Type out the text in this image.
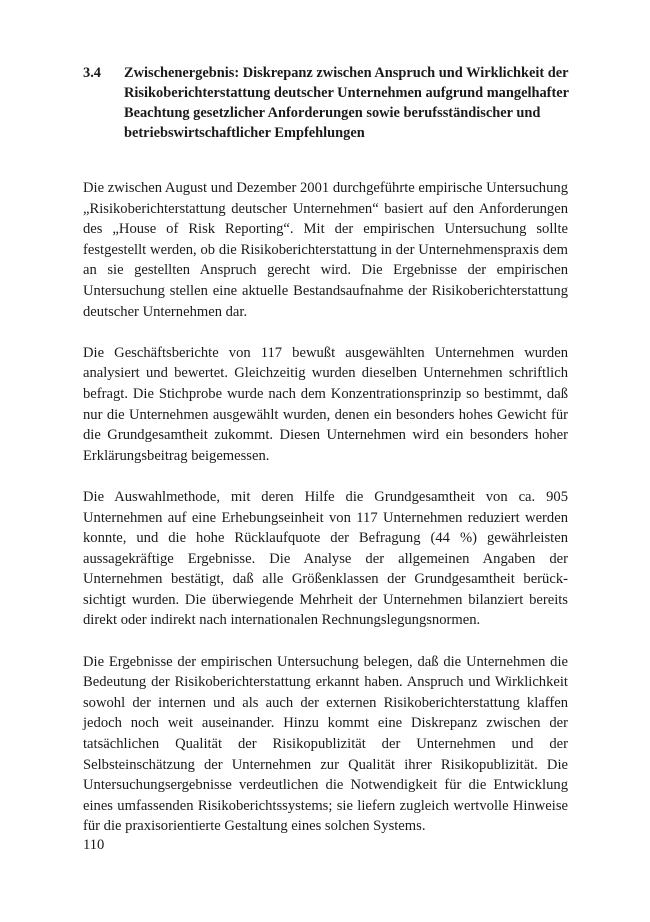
3.4 Zwischenergebnis: Diskrepanz zwischen Anspruch und Wirklichkeit der Risikoberichterstattung deutscher Unternehmen aufgrund mangelhafter Beachtung gesetzlicher Anforderungen sowie berufsständischer und betriebswirtschaftlicher Empfehlungen

Die zwischen August und Dezember 2001 durchgeführte empirische Untersuchung „Risikoberichterstattung deutscher Unternehmen“ basiert auf den Anforderungen des „House of Risk Reporting“. Mit der empirischen Untersuchung sollte festgestellt werden, ob die Risikoberichterstattung in der Unternehmenspraxis dem an sie gestellten Anspruch gerecht wird. Die Ergebnisse der empirischen Untersuchung stellen eine aktuelle Bestandsaufnahme der Risikoberichterstattung deutscher Unternehmen dar.

Die Geschäftsberichte von 117 bewußt ausgewählten Unternehmen wurden analysiert und bewertet. Gleichzeitig wurden dieselben Unternehmen schriftlich befragt. Die Stichprobe wurde nach dem Konzentrationsprinzip so bestimmt, daß nur die Unternehmen ausgewählt wurden, denen ein besonders hohes Gewicht für die Grundgesamtheit zukommt. Diesen Unternehmen wird ein besonders hoher Erklärungsbeitrag beigemessen.

Die Auswahlmethode, mit deren Hilfe die Grundgesamtheit von ca. 905 Unternehmen auf eine Erhebungseinheit von 117 Unternehmen reduziert werden konnte, und die hohe Rücklaufquote der Befragung (44 %) gewährleisten aussagekräftige Ergebnisse. Die Analyse der allgemeinen Angaben der Unternehmen bestätigt, daß alle Größenklassen der Grundgesamtheit berücksichtigt wurden. Die überwiegende Mehrheit der Unternehmen bilanziert bereits direkt oder indirekt nach internationalen Rechnungslegungsnormen.

Die Ergebnisse der empirischen Untersuchung belegen, daß die Unternehmen die Bedeutung der Risikoberichterstattung erkannt haben. Anspruch und Wirklichkeit sowohl der internen und als auch der externen Risikoberichterstattung klaffen jedoch noch weit auseinander. Hinzu kommt eine Diskrepanz zwischen der tatsächlichen Qualität der Risikopublizität der Unternehmen und der Selbsteinschätzung der Unternehmen zur Qualität ihrer Risikopublizität. Die Untersuchungsergebnisse verdeutlichen die Notwendigkeit für die Entwicklung eines umfassenden Risikoberichtssystems; sie liefern zugleich wertvolle Hinweise für die praxisorientierte Gestaltung eines solchen Systems.

110
